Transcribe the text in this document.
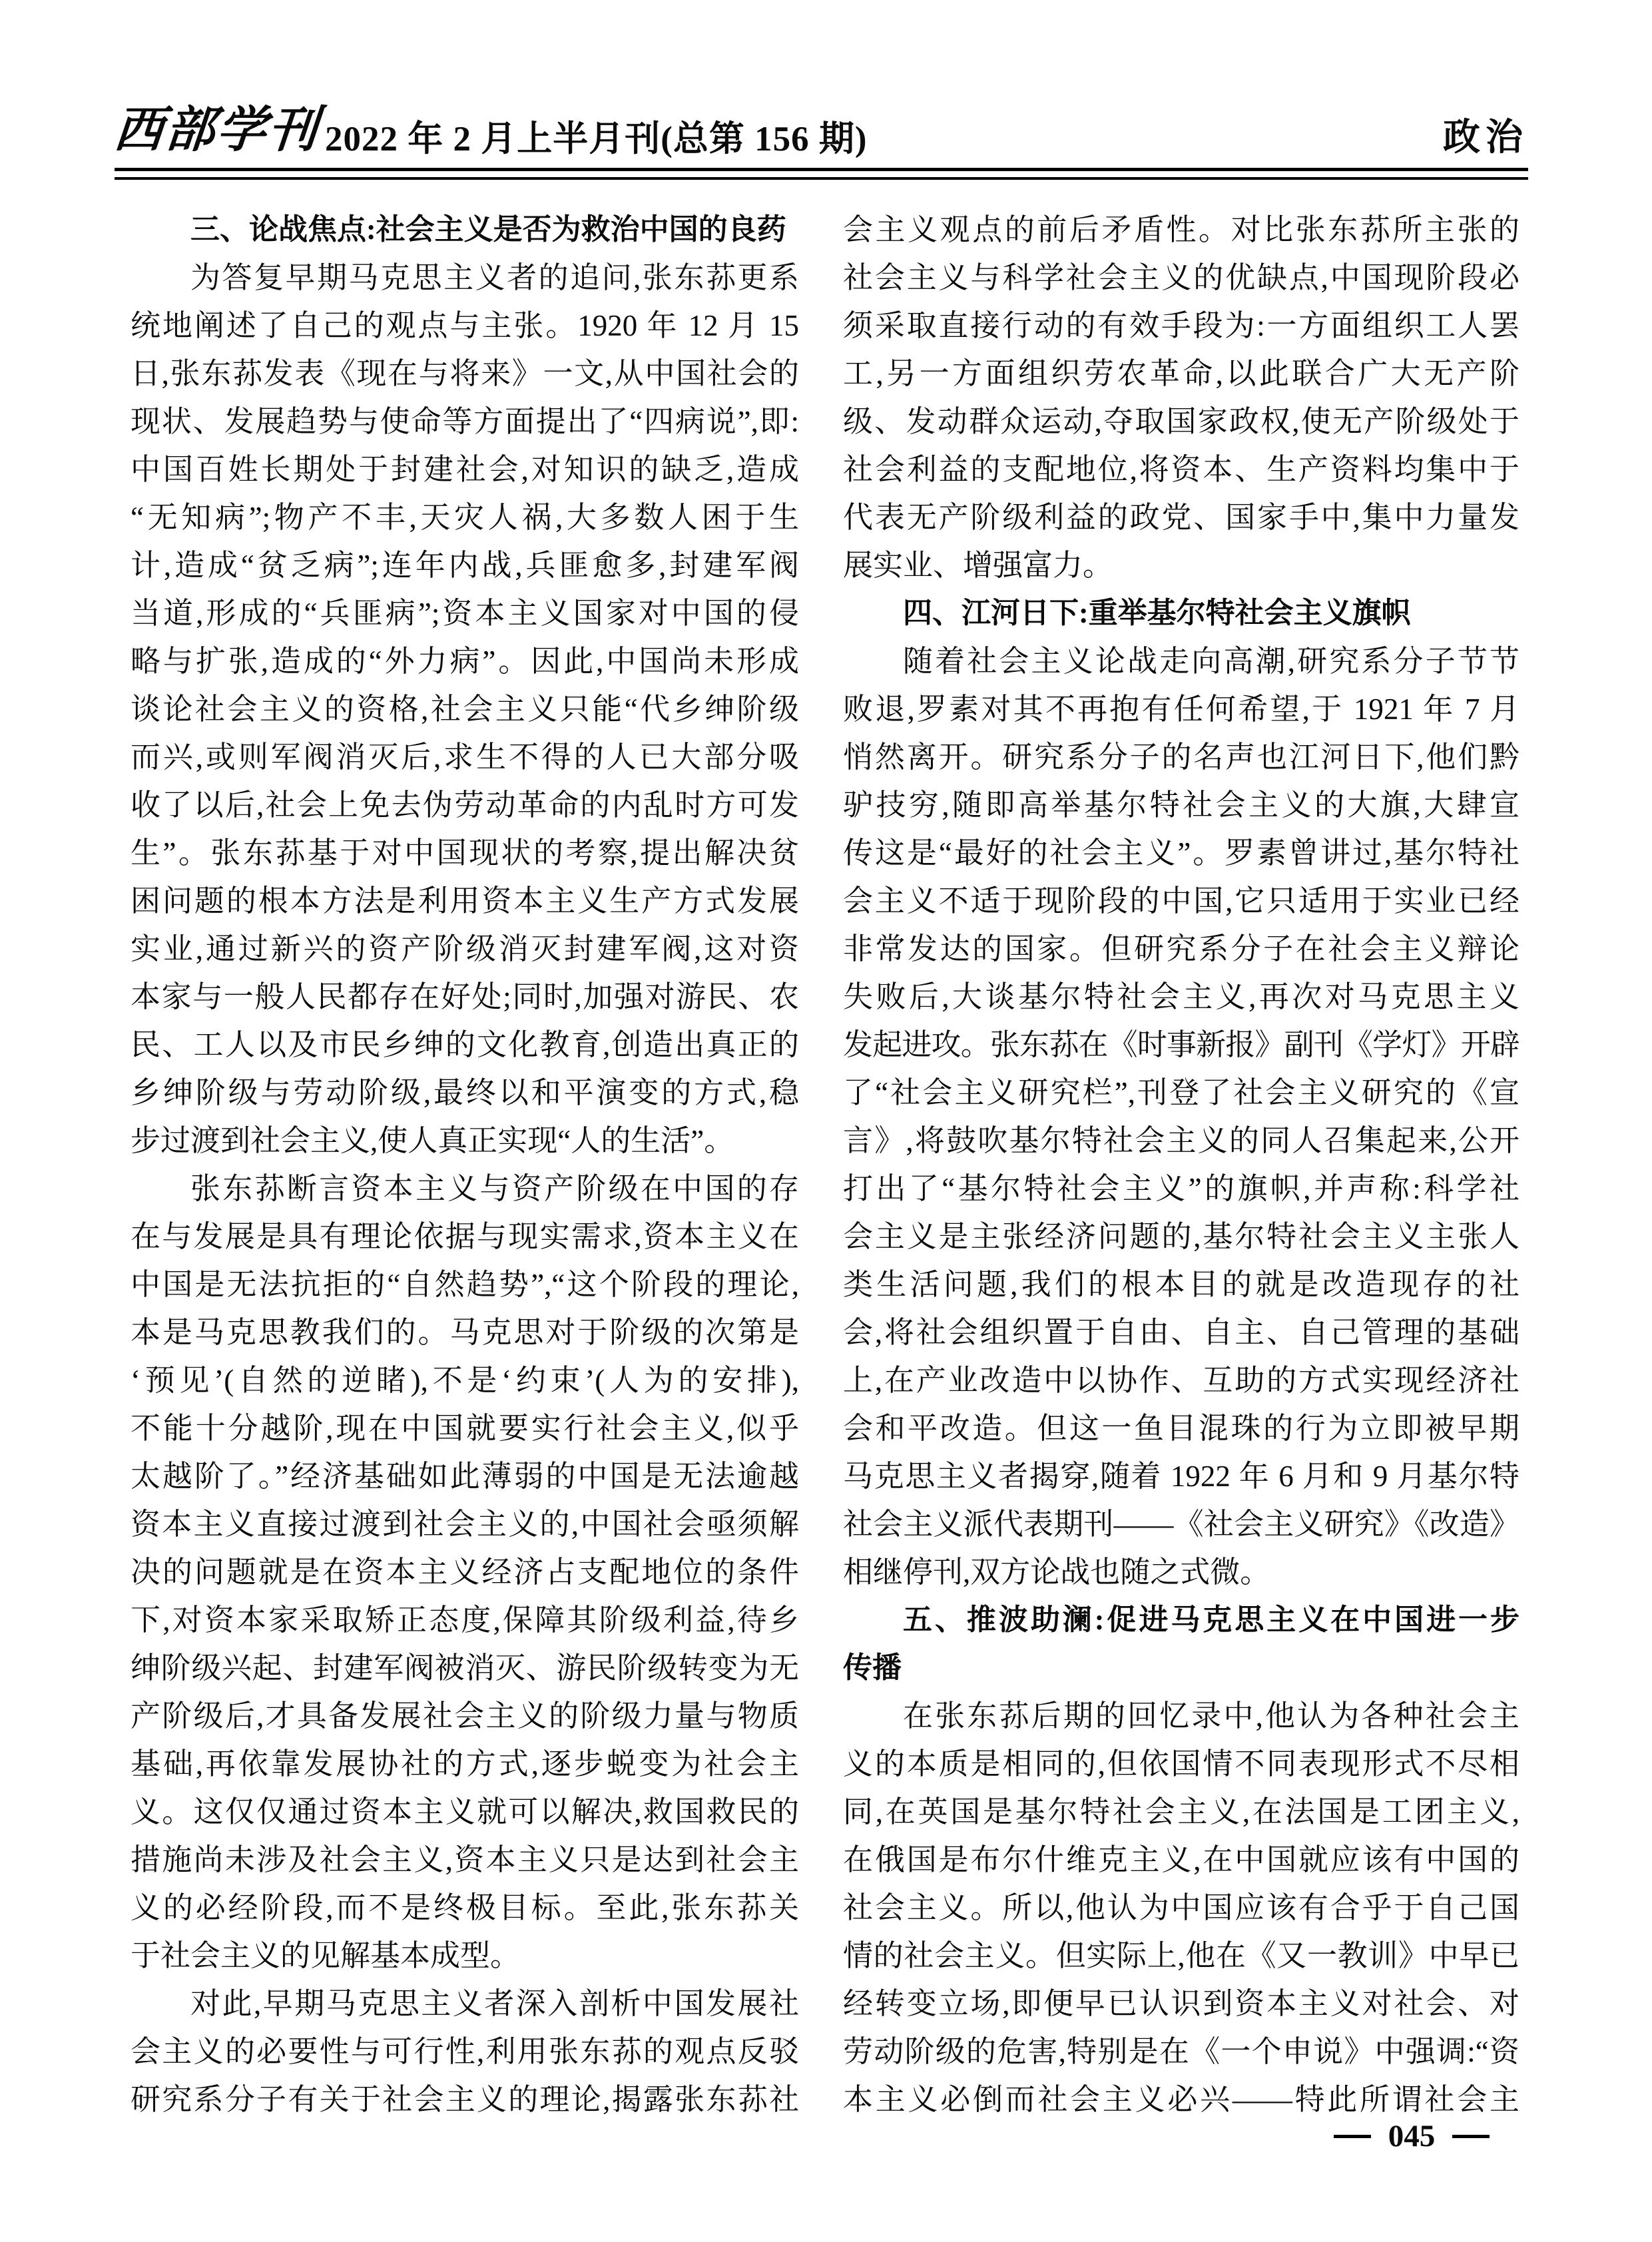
西部学刊 2022 年 2 月上半月刊(总第 156 期)	政治
三、论战焦点:社会主义是否为救治中国的良药
为答复早期马克思主义者的追问,张东荪更系
统地阐述了自己的观点与主张。1920 年 12 月 15
日,张东荪发表《现在与将来》一文,从中国社会的
现状、发展趋势与使命等方面提出了“四病说”,即:
中国百姓长期处于封建社会,对知识的缺乏,造成
“无知病”;物产不丰,天灾人祸,大多数人困于生
计,造成“贫乏病”;连年内战,兵匪愈多,封建军阀
当道,形成的“兵匪病”;资本主义国家对中国的侵
略与扩张,造成的“外力病”。因此,中国尚未形成
谈论社会主义的资格,社会主义只能“代乡绅阶级
而兴,或则军阀消灭后,求生不得的人已大部分吸
收了以后,社会上免去伪劳动革命的内乱时方可发
生”。张东荪基于对中国现状的考察,提出解决贫
困问题的根本方法是利用资本主义生产方式发展
实业,通过新兴的资产阶级消灭封建军阀,这对资
本家与一般人民都存在好处;同时,加强对游民、农
民、工人以及市民乡绅的文化教育,创造出真正的
乡绅阶级与劳动阶级,最终以和平演变的方式,稳
步过渡到社会主义,使人真正实现“人的生活”。
张东荪断言资本主义与资产阶级在中国的存
在与发展是具有理论依据与现实需求,资本主义在
中国是无法抗拒的“自然趋势”,“这个阶段的理论,
本是马克思教我们的。马克思对于阶级的次第是
‘预见’(自然的逆睹),不是‘约束’(人为的安排),
不能十分越阶,现在中国就要实行社会主义,似乎
太越阶了。”经济基础如此薄弱的中国是无法逾越
资本主义直接过渡到社会主义的,中国社会亟须解
决的问题就是在资本主义经济占支配地位的条件
下,对资本家采取矫正态度,保障其阶级利益,待乡
绅阶级兴起、封建军阀被消灭、游民阶级转变为无
产阶级后,才具备发展社会主义的阶级力量与物质
基础,再依靠发展协社的方式,逐步蜕变为社会主
义。这仅仅通过资本主义就可以解决,救国救民的
措施尚未涉及社会主义,资本主义只是达到社会主
义的必经阶段,而不是终极目标。至此,张东荪关
于社会主义的见解基本成型。
对此,早期马克思主义者深入剖析中国发展社
会主义的必要性与可行性,利用张东荪的观点反驳
研究系分子有关于社会主义的理论,揭露张东荪社
会主义观点的前后矛盾性。对比张东荪所主张的
社会主义与科学社会主义的优缺点,中国现阶段必
须采取直接行动的有效手段为:一方面组织工人罢
工,另一方面组织劳农革命,以此联合广大无产阶
级、发动群众运动,夺取国家政权,使无产阶级处于
社会利益的支配地位,将资本、生产资料均集中于
代表无产阶级利益的政党、国家手中,集中力量发
展实业、增强富力。
四、江河日下:重举基尔特社会主义旗帜
随着社会主义论战走向高潮,研究系分子节节
败退,罗素对其不再抱有任何希望,于 1921 年 7 月
悄然离开。研究系分子的名声也江河日下,他们黔
驴技穷,随即高举基尔特社会主义的大旗,大肆宣
传这是“最好的社会主义”。罗素曾讲过,基尔特社
会主义不适于现阶段的中国,它只适用于实业已经
非常发达的国家。但研究系分子在社会主义辩论
失败后,大谈基尔特社会主义,再次对马克思主义
发起进攻。张东荪在《时事新报》副刊《学灯》开辟
了“社会主义研究栏”,刊登了社会主义研究的《宣
言》,将鼓吹基尔特社会主义的同人召集起来,公开
打出了“基尔特社会主义”的旗帜,并声称:科学社
会主义是主张经济问题的,基尔特社会主义主张人
类生活问题,我们的根本目的就是改造现存的社
会,将社会组织置于自由、自主、自己管理的基础
上,在产业改造中以协作、互助的方式实现经济社
会和平改造。但这一鱼目混珠的行为立即被早期
马克思主义者揭穿,随着 1922 年 6 月和 9 月基尔特
社会主义派代表期刊——《社会主义研究》《改造》
相继停刊,双方论战也随之式微。
五、推波助澜:促进马克思主义在中国进一步
传播
在张东荪后期的回忆录中,他认为各种社会主
义的本质是相同的,但依国情不同表现形式不尽相
同,在英国是基尔特社会主义,在法国是工团主义,
在俄国是布尔什维克主义,在中国就应该有中国的
社会主义。所以,他认为中国应该有合乎于自己国
情的社会主义。但实际上,他在《又一教训》中早已
经转变立场,即便早已认识到资本主义对社会、对
劳动阶级的危害,特别是在《一个申说》中强调:“资
本主义必倒而社会主义必兴——特此所谓社会主
045
